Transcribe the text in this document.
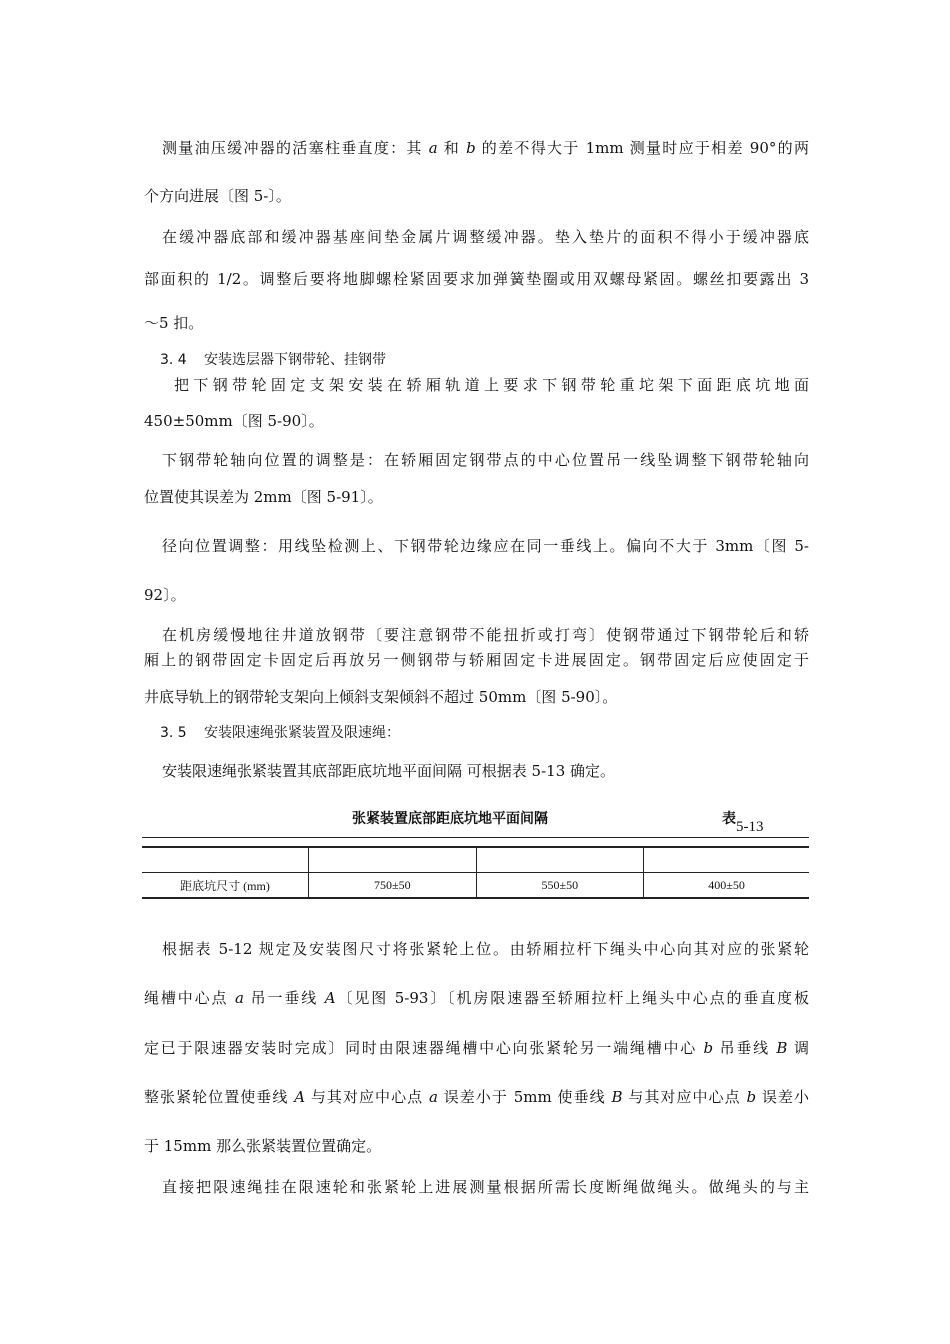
测量油压缓冲器的活塞柱垂直度：其 a 和 b 的差不得大于 1mm 测量时应于相差 90°的两
个方向进展〔图 5-〕。
在缓冲器底部和缓冲器基座间垫金属片调整缓冲器。垫入垫片的面积不得小于缓冲器底
部面积的 1/2。调整后要将地脚螺栓紧固要求加弹簧垫圈或用双螺母紧固。螺丝扣要露出 3
～5 扣。
3. 4 安装选层器下钢带轮、挂钢带
把下钢带轮固定支架安装在轿厢轨道上要求下钢带轮重坨架下面距底坑地面
450±50mm〔图 5-90〕。
下钢带轮轴向位置的调整是：在轿厢固定钢带点的中心位置吊一线坠调整下钢带轮轴向
位置使其误差为 2mm〔图 5-91〕。
径向位置调整：用线坠检测上、下钢带轮边缘应在同一垂线上。偏向不大于 3mm〔图 5-
92〕。
在机房缓慢地往井道放钢带〔要注意钢带不能扭折或打弯〕使钢带通过下钢带轮后和轿
厢上的钢带固定卡固定后再放另一侧钢带与轿厢固定卡进展固定。钢带固定后应使固定于
井底导轨上的钢带轮支架向上倾斜支架倾斜不超过 50mm〔图 5-90〕。
3. 5 安装限速绳张紧装置及限速绳：
安装限速绳张紧装置其底部距底坑地平面间隔 可根据表 5-13 确定。
张紧装置底部距底坑地平面间隔	表5-13

距底坑尺寸 (mm)	750±50	550±50	400±50
根据表 5-12 规定及安装图尺寸将张紧轮上位。由轿厢拉杆下绳头中心向其对应的张紧轮
绳槽中心点 a 吊一垂线 A〔见图 5-93〕〔机房限速器至轿厢拉杆上绳头中心点的垂直度板
定已于限速器安装时完成〕同时由限速器绳槽中心向张紧轮另一端绳槽中心 b 吊垂线 B 调
整张紧轮位置使垂线 A 与其对应中心点 a 误差小于 5mm 使垂线 B 与其对应中心点 b 误差小
于 15mm 那么张紧装置位置确定。
直接把限速绳挂在限速轮和张紧轮上进展测量根据所需长度断绳做绳头。做绳头的与主
